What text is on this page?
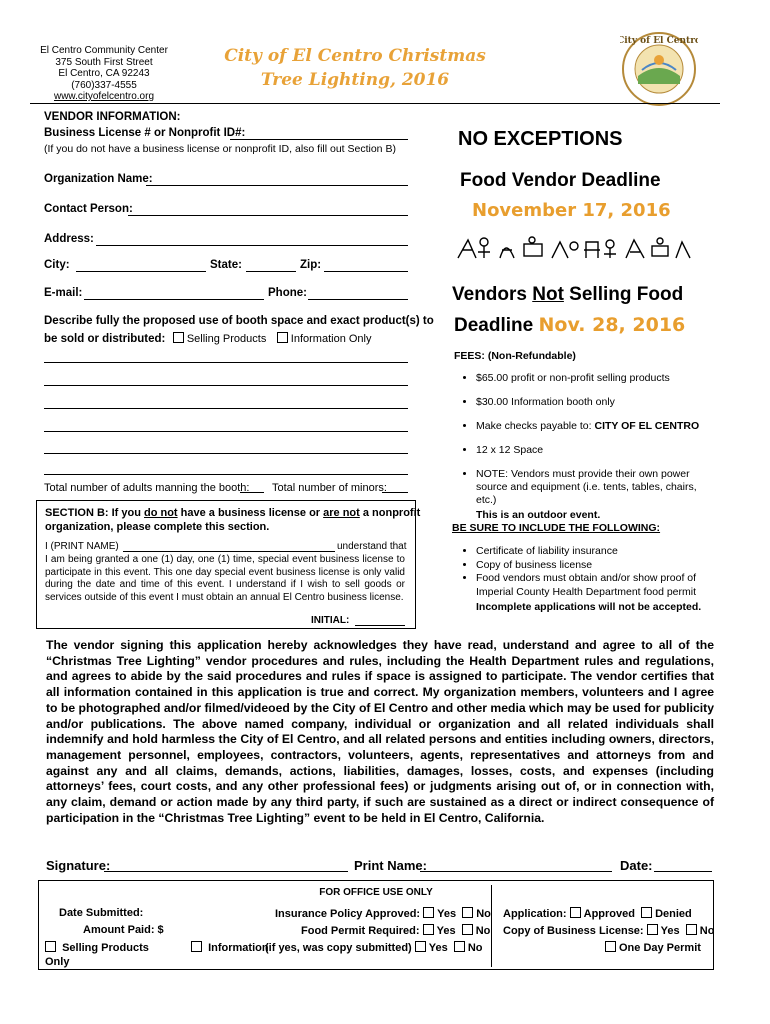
El Centro Community Center
375 South First Street
El Centro, CA 92243
(760)337-4555
www.cityofelcentro.org
City of El Centro Christmas
Tree Lighting, 2016
City of El Centro
VENDOR INFORMATION:
Business License # or Nonprofit ID#:
(If you do not have a business license or nonprofit ID, also fill out Section B)
Organization Name:
Contact Person:
Address:
City:	State:	Zip:
E-mail:	Phone:
Describe fully the proposed use of booth space and exact product(s) to
be sold or distributed: Selling Products Information Only
Total number of adults manning the booth: Total number of minors:
SECTION B: If you do not have a business license or are not a nonprofit
organization, please complete this section.
I (PRINT NAME)	understand that
I am being granted a one (1) day, one (1) time, special event business license to participate in this event. This one day special event business license is only valid during the date and time of this event. I understand if I wish to sell goods or services outside of this event I must obtain an annual El Centro business license.
INITIAL:
NO EXCEPTIONS
Food Vendor Deadline
November 17, 2016
Vendors Not Selling Food
Deadline Nov. 28, 2016
FEES: (Non-Refundable)
• $65.00 profit or non-profit selling products
• $30.00 Information booth only
• Make checks payable to: CITY OF EL CENTRO
• 12 x 12 Space
• NOTE: Vendors must provide their own power source and equipment (i.e. tents, tables, chairs, etc.)
This is an outdoor event.
BE SURE TO INCLUDE THE FOLLOWING:
• Certificate of liability insurance
• Copy of business license
• Food vendors must obtain and/or show proof of Imperial County Health Department food permit
Incomplete applications will not be accepted.
The vendor signing this application hereby acknowledges they have read, understand and agree to all of the “Christmas Tree Lighting” vendor procedures and rules, including the Health Department rules and regulations, and agrees to abide by the said procedures and rules if space is assigned to participate. The vendor certifies that all information contained in this application is true and correct. My organization members, volunteers and I agree to be photographed and/or filmed/videoed by the City of El Centro and other media which may be used for publicity and/or publications. The above named company, individual or organization and all related individuals shall indemnify and hold harmless the City of El Centro, and all related persons and entities including owners, directors, management personnel, employees, contractors, volunteers, agents, representatives and attorneys from and against any and all claims, demands, actions, liabilities, damages, losses, costs, and expenses (including attorneys’ fees, court costs, and any other professional fees) or judgments arising out of, or in connection with, any claim, demand or action made by any third party, if such are sustained as a direct or indirect consequence of participation in the “Christmas Tree Lighting” event to be held in El Centro, California.
Signature:	Print Name:	Date:
FOR OFFICE USE ONLY
Date Submitted:
Amount Paid: $
Selling Products Only
Information
Insurance Policy Approved: Yes No
Food Permit Required: Yes No
(if yes, was copy submitted) Yes No
Application: Approved Denied
Copy of Business License: Yes No
One Day Permit
